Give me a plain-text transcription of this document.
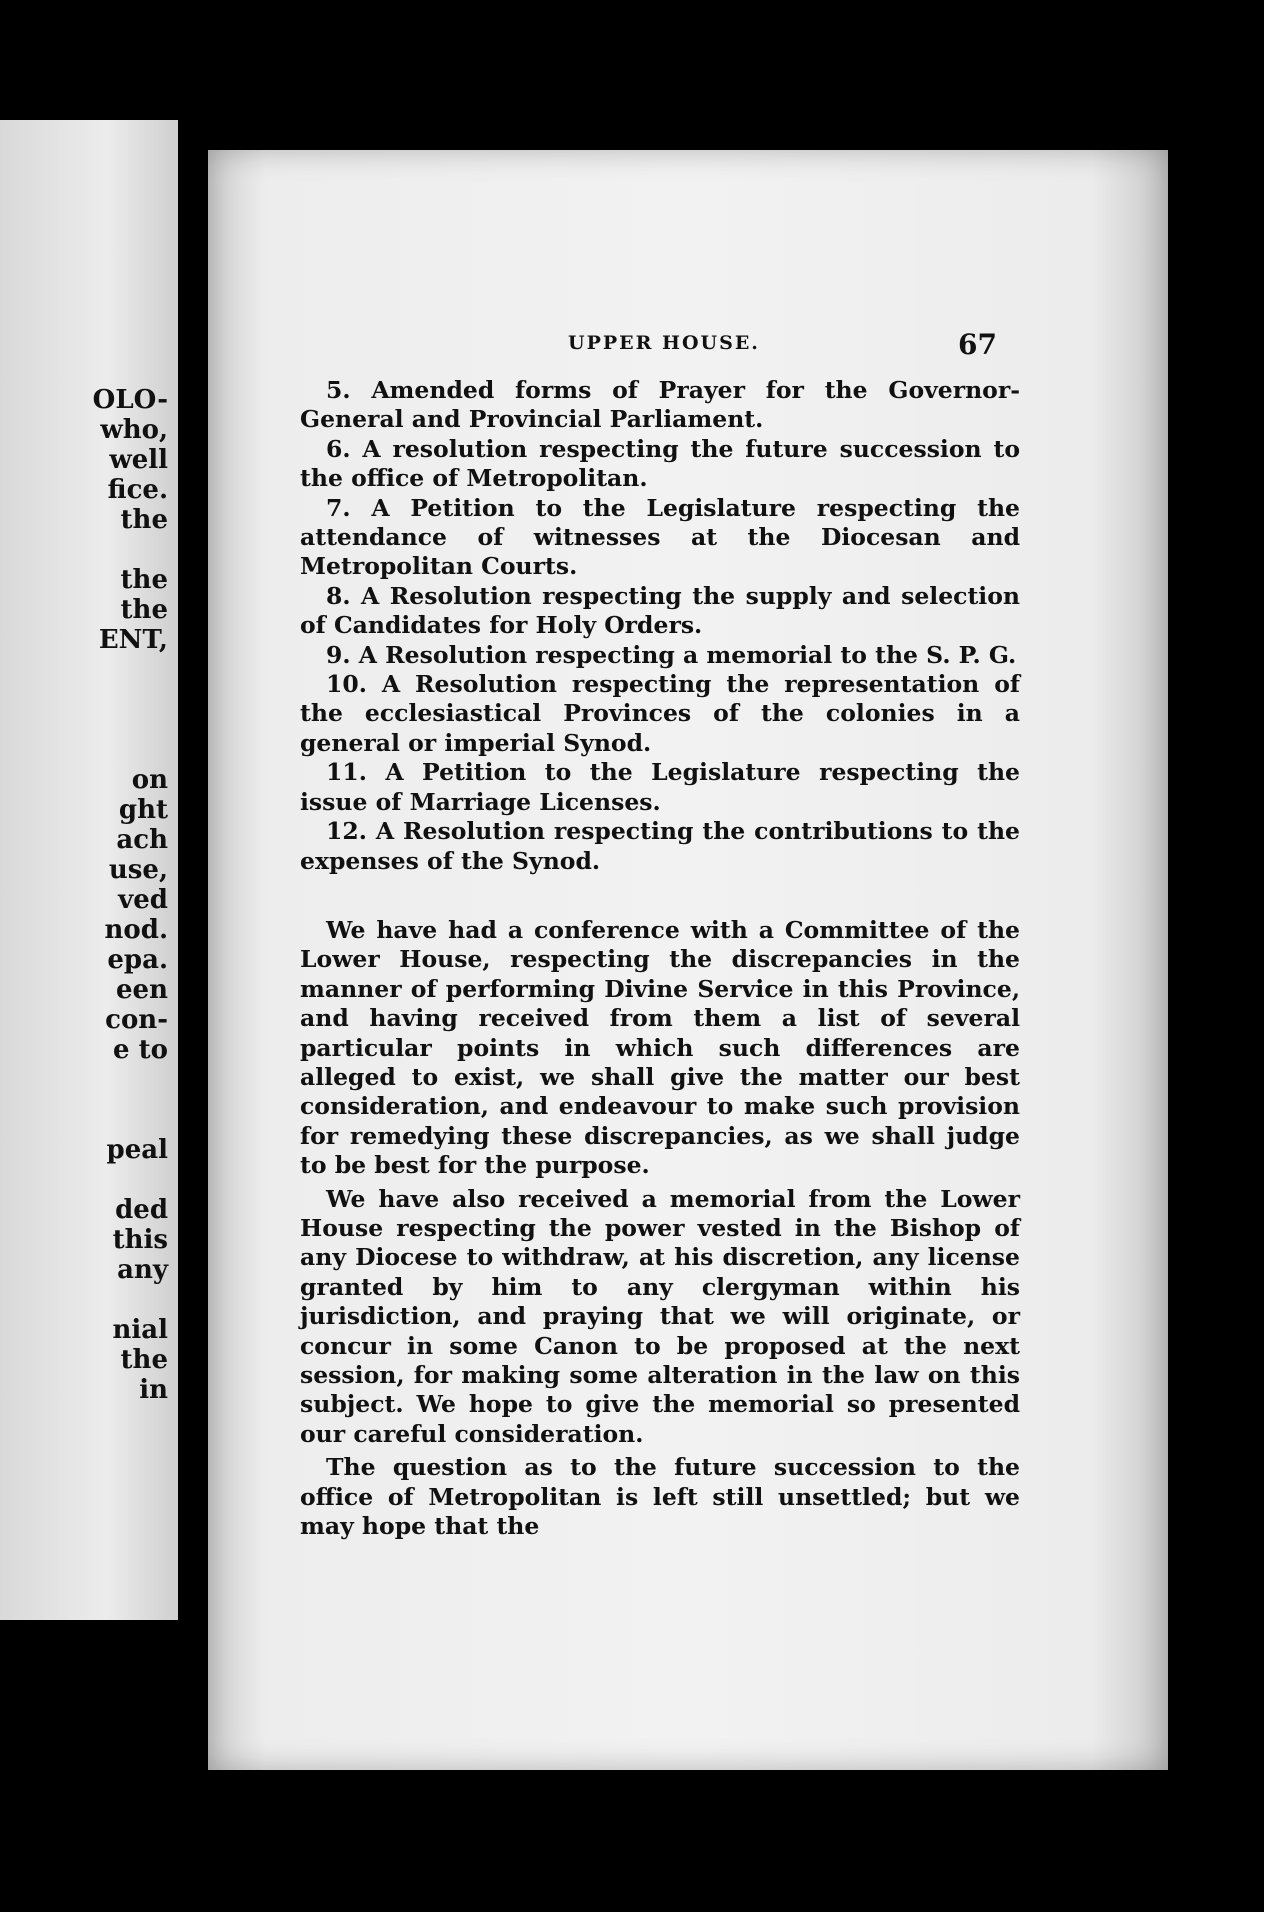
OLO-
who,
well
fice.
the
the
the
ENT,
on
ght
ach
use,
ved
nod.
epa.
een
con-
e to
peal
ded
this
any
nial
the
in
UPPER HOUSE.	67

5. Amended forms of Prayer for the Governor-General and Provincial Parliament.

6. A resolution respecting the future succession to the office of Metropolitan.

7. A Petition to the Legislature respecting the attendance of witnesses at the Diocesan and Metropolitan Courts.

8. A Resolution respecting the supply and selection of Candidates for Holy Orders.

9. A Resolution respecting a memorial to the S. P. G.

10. A Resolution respecting the representation of the ecclesiastical Provinces of the colonies in a general or imperial Synod.

11. A Petition to the Legislature respecting the issue of Marriage Licenses.

12. A Resolution respecting the contributions to the expenses of the Synod.

We have had a conference with a Committee of the Lower House, respecting the discrepancies in the manner of performing Divine Service in this Province, and having received from them a list of several particular points in which such differences are alleged to exist, we shall give the matter our best consideration, and endeavour to make such provision for remedying these discrepancies, as we shall judge to be best for the purpose.

We have also received a memorial from the Lower House respecting the power vested in the Bishop of any Diocese to withdraw, at his discretion, any license granted by him to any clergyman within his jurisdiction, and praying that we will originate, or concur in some Canon to be proposed at the next session, for making some alteration in the law on this subject. We hope to give the memorial so presented our careful consideration.

The question as to the future succession to the office of Metropolitan is left still unsettled; but we may hope that the
